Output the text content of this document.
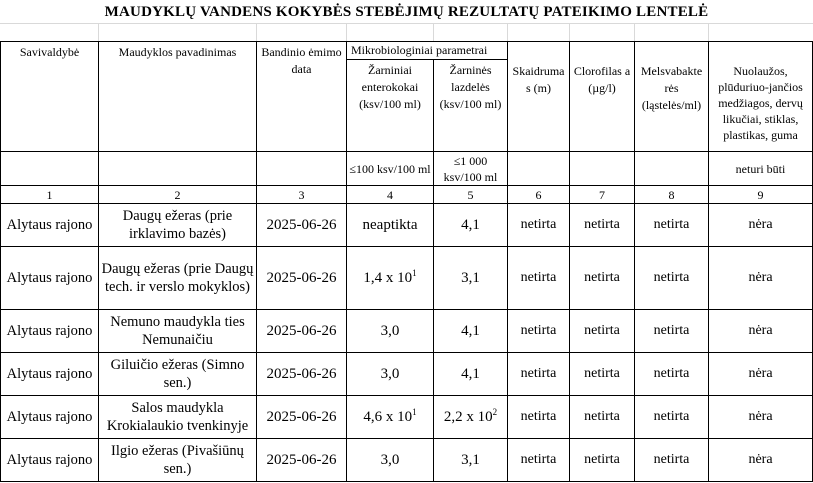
MAUDYKLŲ VANDENS KOKYBĖS STEBĖJIMŲ REZULTATŲ PATEIKIMO LENTELĖ
Savivaldybė	Maudyklos pavadinimas	Bandinio ėmimo data	Mikrobiologiniai parametrai		Skaidruma s (m)	Clorofilas a (µg/l)	Melsvabakte rės (ląstelės/ml)	Nuolaužos, plūduriuo-jančios medžiagos, dervų likučiai, stiklas, plastikas, guma
			Žarniniai enterokokai (ksv/100 ml)	Žarninės lazdelės (ksv/100 ml)				
			≤100 ksv/100 ml	≤1 000 ksv/100 ml				neturi būti
1	2	3	4	5	6	7	8	9
Alytaus rajono	Daugų ežeras (prie irklavimo bazės)	2025-06-26	neaptikta	4,1	netirta	netirta	netirta	nėra
Alytaus rajono	Daugų ežeras (prie Daugų tech. ir verslo mokyklos)	2025-06-26	1,4 x $10^1$	3,1	netirta	netirta	netirta	nėra
Alytaus rajono	Nemuno maudykla ties Nemunaičiu	2025-06-26	3,0	4,1	netirta	netirta	netirta	nėra
Alytaus rajono	Giluičio ežeras (Simno sen.)	2025-06-26	3,0	4,1	netirta	netirta	netirta	nėra
Alytaus rajono	Salos maudykla Krokialaukio tvenkinyje	2025-06-26	4,6 x $10^1$	2,2 x $10^2$	netirta	netirta	netirta	nėra
Alytaus rajono	Ilgio ežeras (Pivašiūnų sen.)	2025-06-26	3,0	3,1	netirta	netirta	netirta	nėra
